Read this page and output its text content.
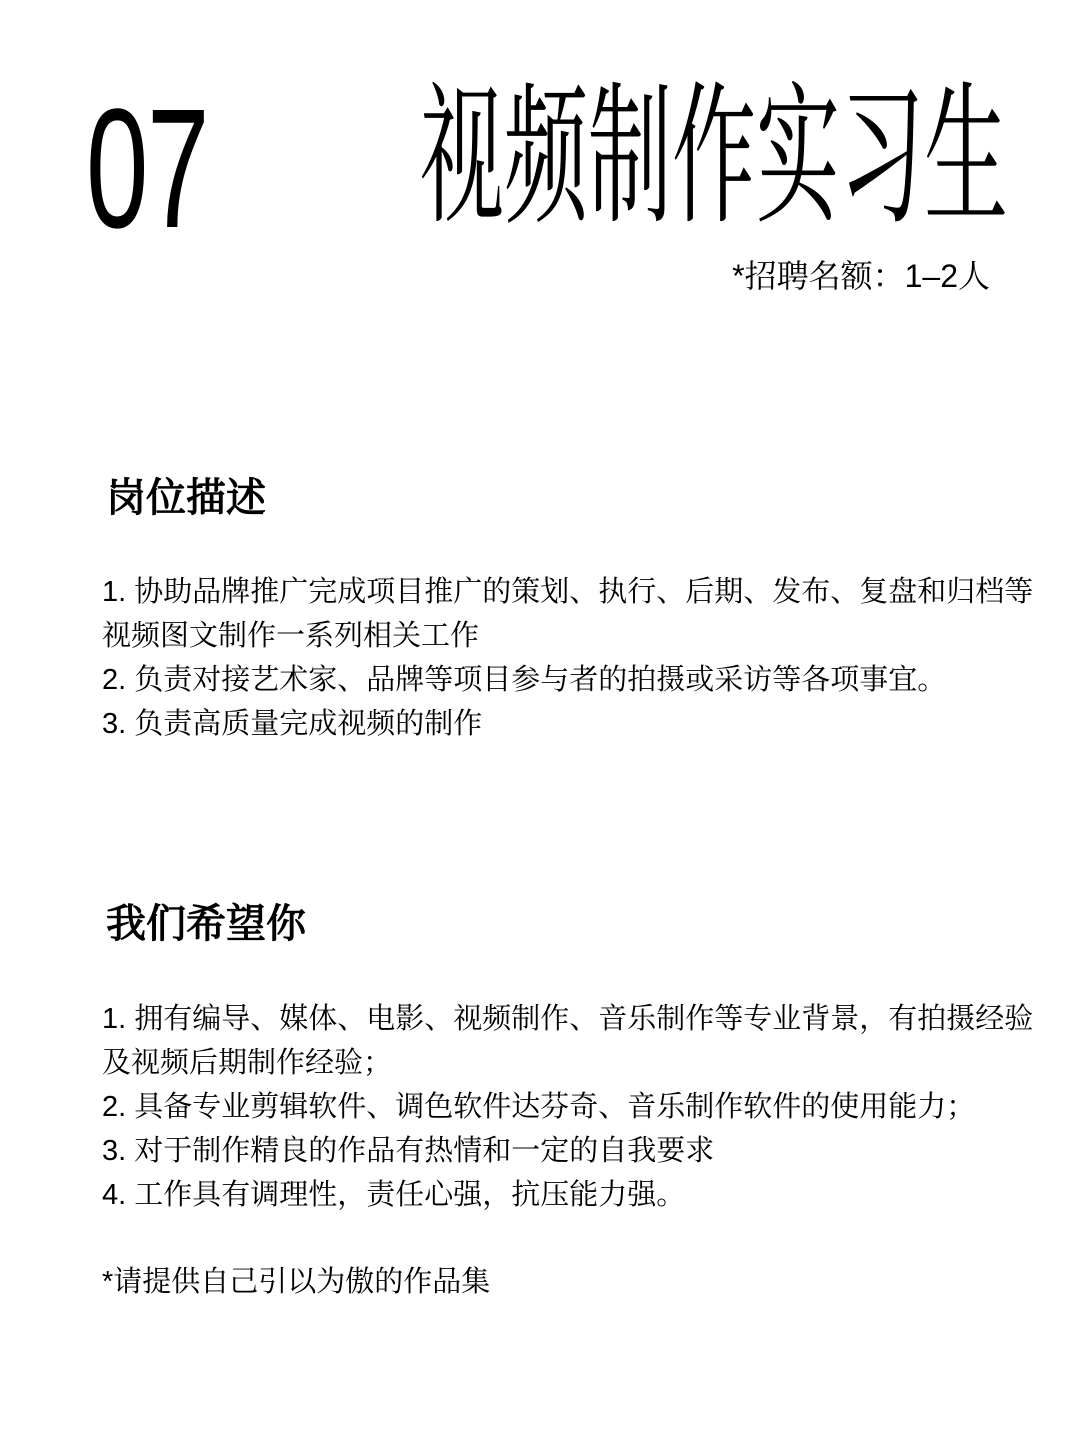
07	视频制作实习生
*招聘名额：1–2人
岗位描述
1. 协助品牌推广完成项目推广的策划、执行、后期、发布、复盘和归档等
视频图文制作一系列相关工作
2. 负责对接艺术家、品牌等项目参与者的拍摄或采访等各项事宜。
3. 负责高质量完成视频的制作
我们希望你
1. 拥有编导、媒体、电影、视频制作、音乐制作等专业背景，有拍摄经验
及视频后期制作经验；
2. 具备专业剪辑软件、调色软件达芬奇、音乐制作软件的使用能力；
3. 对于制作精良的作品有热情和一定的自我要求
4. 工作具有调理性，责任心强，抗压能力强。
*请提供自己引以为傲的作品集
